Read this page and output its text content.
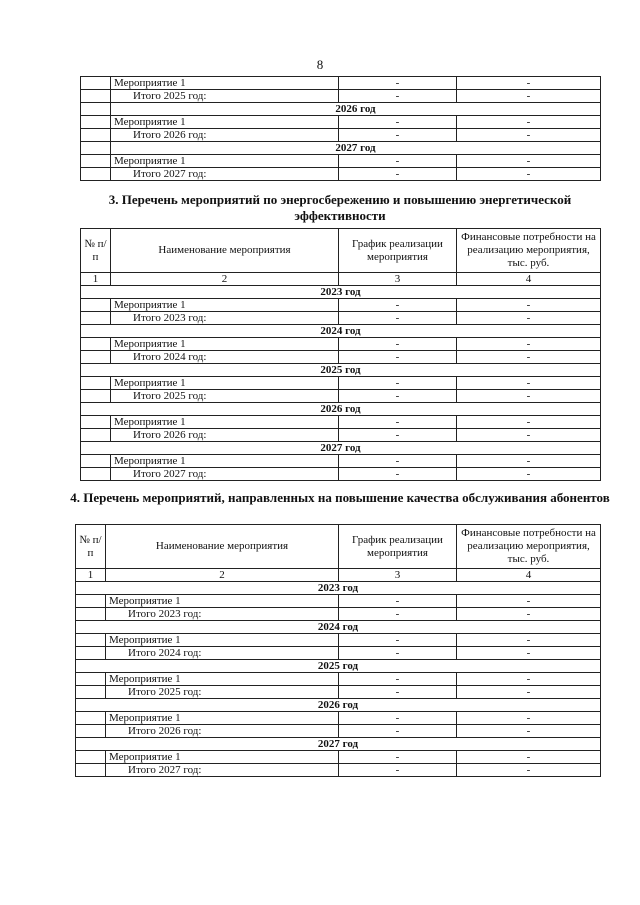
8
	Мероприятие 1	-	-
	Итого 2025 год:	-	-
	2026 год		
	Мероприятие 1	-	-
	Итого 2026 год:	-	-
	2027 год		
	Мероприятие 1	-	-
	Итого 2027 год:	-	-
3. Перечень мероприятий по энергосбережению и повышению энергетической эффективности
№ п/п	Наименование мероприятия	График реализации мероприятия	Финансовые потребности на реализацию мероприятия, тыс. руб.
1	2	3	4
2023 год			
	Мероприятие 1	-	-
	Итого 2023 год:	-	-
2024 год			
	Мероприятие 1	-	-
	Итого 2024 год:	-	-
2025 год			
	Мероприятие 1	-	-
	Итого 2025 год:	-	-
2026 год			
	Мероприятие 1	-	-
	Итого 2026 год:	-	-
2027 год			
	Мероприятие 1	-	-
	Итого 2027 год:	-	-
4. Перечень мероприятий, направленных на повышение качества обслуживания абонентов
№ п/п	Наименование мероприятия	График реализации мероприятия	Финансовые потребности на реализацию мероприятия, тыс. руб.
1	2	3	4
2023 год			
	Мероприятие 1	-	-
	Итого 2023 год:	-	-
2024 год			
	Мероприятие 1	-	-
	Итого 2024 год:	-	-
2025 год			
	Мероприятие 1	-	-
	Итого 2025 год:	-	-
2026 год			
	Мероприятие 1	-	-
	Итого 2026 год:	-	-
2027 год			
	Мероприятие 1	-	-
	Итого 2027 год:	-	-
